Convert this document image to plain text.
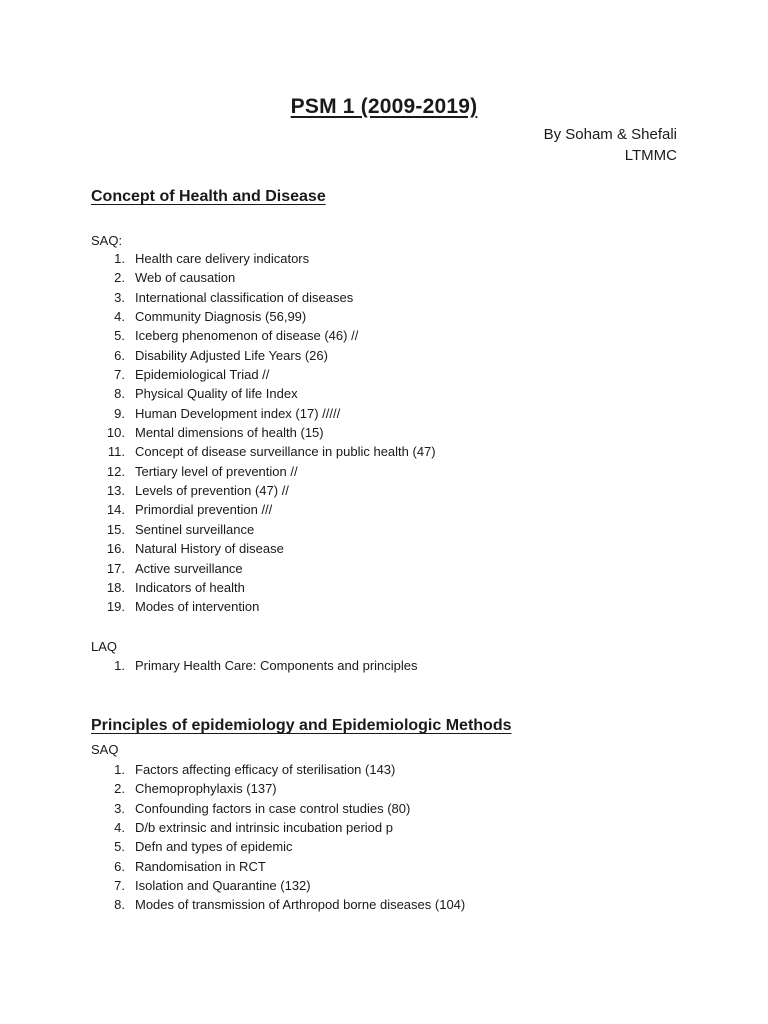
PSM 1 (2009-2019)
By Soham & Shefali
LTMMC
Concept of Health and Disease
SAQ:
1. Health care delivery indicators
2. Web of causation
3. International classification of diseases
4. Community Diagnosis (56,99)
5. Iceberg phenomenon of disease (46) //
6. Disability Adjusted Life Years (26)
7. Epidemiological Triad //
8. Physical Quality of life Index
9. Human Development index (17) /////
10. Mental dimensions of health (15)
11. Concept of disease surveillance in public health (47)
12. Tertiary level of prevention //
13. Levels of prevention (47) //
14. Primordial prevention ///
15. Sentinel surveillance
16. Natural History of disease
17. Active surveillance
18. Indicators of health
19. Modes of intervention
LAQ
1. Primary Health Care: Components and principles
Principles of epidemiology and Epidemiologic Methods
SAQ
1. Factors affecting efficacy of sterilisation (143)
2. Chemoprophylaxis (137)
3. Confounding factors in case control studies (80)
4. D/b extrinsic and intrinsic incubation period p
5. Defn and types of epidemic
6. Randomisation in RCT
7. Isolation and Quarantine (132)
8. Modes of transmission of Arthropod borne diseases (104)
